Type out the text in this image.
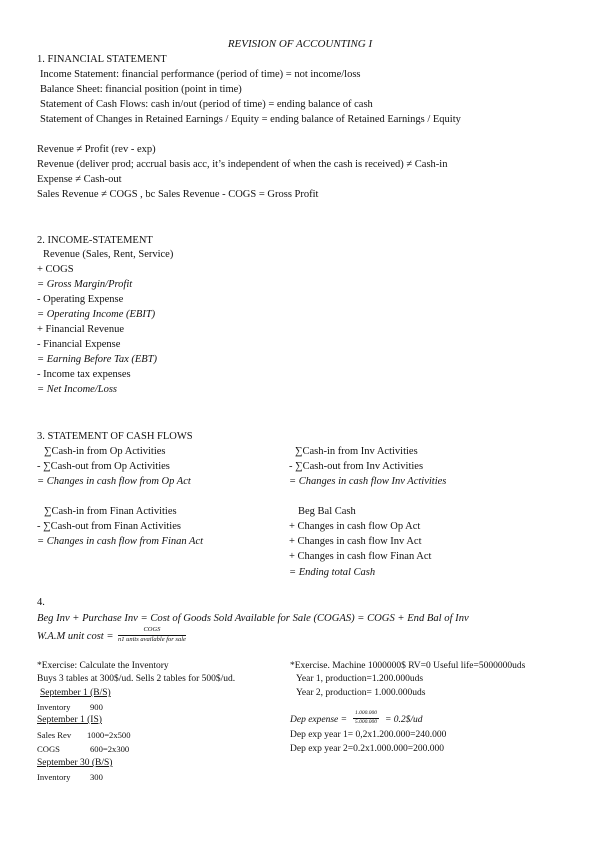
REVISION OF ACCOUNTING I
1. FINANCIAL STATEMENT
Income Statement: financial performance (period of time) = not income/loss
Balance Sheet: financial position (point in time)
Statement of Cash Flows: cash in/out (period of time) = ending balance of cash
Statement of Changes in Retained Earnings / Equity = ending balance of Retained Earnings / Equity
Revenue ≠ Profit (rev - exp)
Revenue (deliver prod; accrual basis acc, it’s independent of when the cash is received) ≠ Cash-in
Expense ≠ Cash-out
Sales Revenue ≠ COGS , bc Sales Revenue - COGS = Gross Profit
2. INCOME-STATEMENT
Revenue (Sales, Rent, Service)
+ COGS
= Gross Margin/Profit
- Operating Expense
= Operating Income (EBIT)
+ Financial Revenue
- Financial Expense
= Earning Before Tax (EBT)
- Income tax expenses
= Net Income/Loss
3. STATEMENT OF CASH FLOWS
∑Cash-in from Op Activities
- ∑Cash-out from Op Activities
= Changes in cash flow from Op Act
∑Cash-in from Inv Activities
- ∑Cash-out from Inv Activities
= Changes in cash flow Inv Activities
∑Cash-in from Finan Activities
- ∑Cash-out from Finan Activities
= Changes in cash flow from Finan Act
Beg Bal Cash
+ Changes in cash flow Op Act
+ Changes in cash flow Inv Act
+ Changes in cash flow Finan Act
= Ending total Cash
4.
Beg Inv + Purchase Inv = Cost of Goods Sold Available for Sale (COGAS) = COGS + End Bal of Inv
W.A.M unit cost =
COGS
n1 units available for sale
*Exercise: Calculate the Inventory
Buys 3 tables at 300$/ud. Sells 2 tables for 500$/ud.
September 1 (B/S)
Inventory 900
September 1 (IS)
Sales Rev 1000=2x500
COGS	600=2x300
September 30 (B/S)
Inventory 300
*Exercise. Machine 1000000$ RV=0 Useful life=5000000uds
Year 1, production=1.200.000uds
Year 2, production= 1.000.000uds
Dep expense = $\frac{1.000.000}{5.000.000}$ = 0.2$/ud
Dep exp year 1= 0,2x1.200.000=240.000
Dep exp year 2=0.2x1.000.000=200.000
